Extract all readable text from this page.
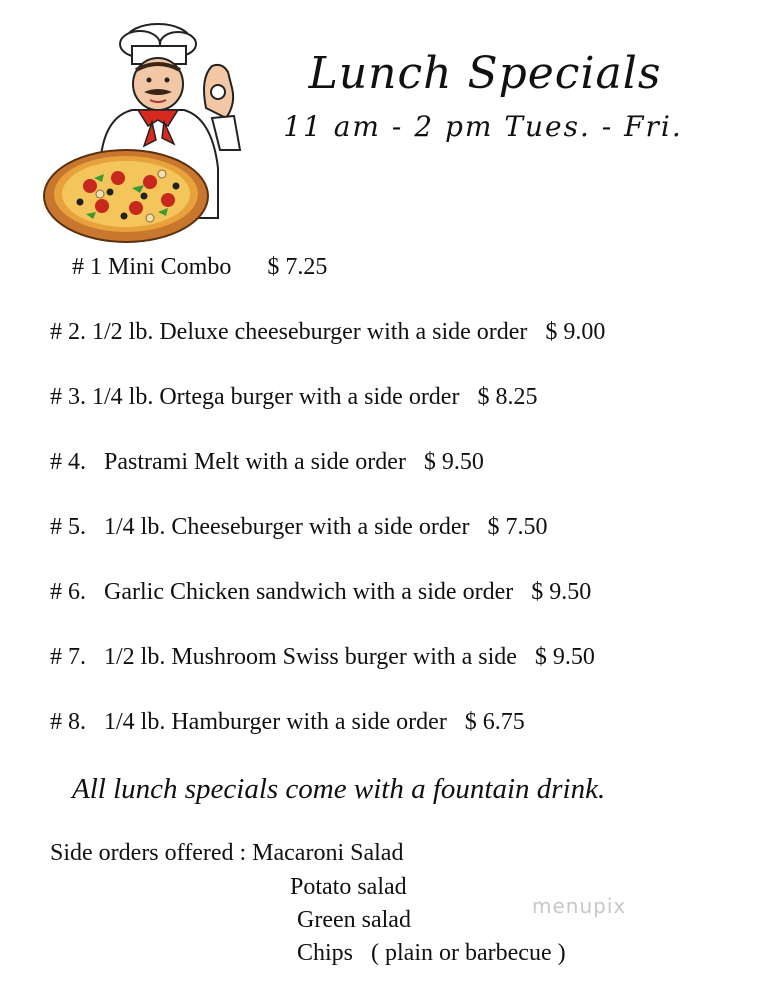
Lunch Specials
11 am - 2 pm Tues. - Fri.
# 1 Mini Combo      $ 7.25
# 2. 1/2 lb. Deluxe cheeseburger with a side order   $ 9.00
# 3. 1/4 lb. Ortega burger with a side order   $ 8.25
# 4.   Pastrami Melt with a side order   $ 9.50
# 5.   1/4 lb. Cheeseburger with a side order   $ 7.50
# 6.   Garlic Chicken sandwich with a side order   $ 9.50
# 7.   1/2 lb. Mushroom Swiss burger with a side   $ 9.50
# 8.   1/4 lb. Hamburger with a side order   $ 6.75
All lunch specials come with a fountain drink.
Side orders offered : Macaroni Salad
Potato salad
Green salad
Chips   ( plain or barbecue )
menupix
